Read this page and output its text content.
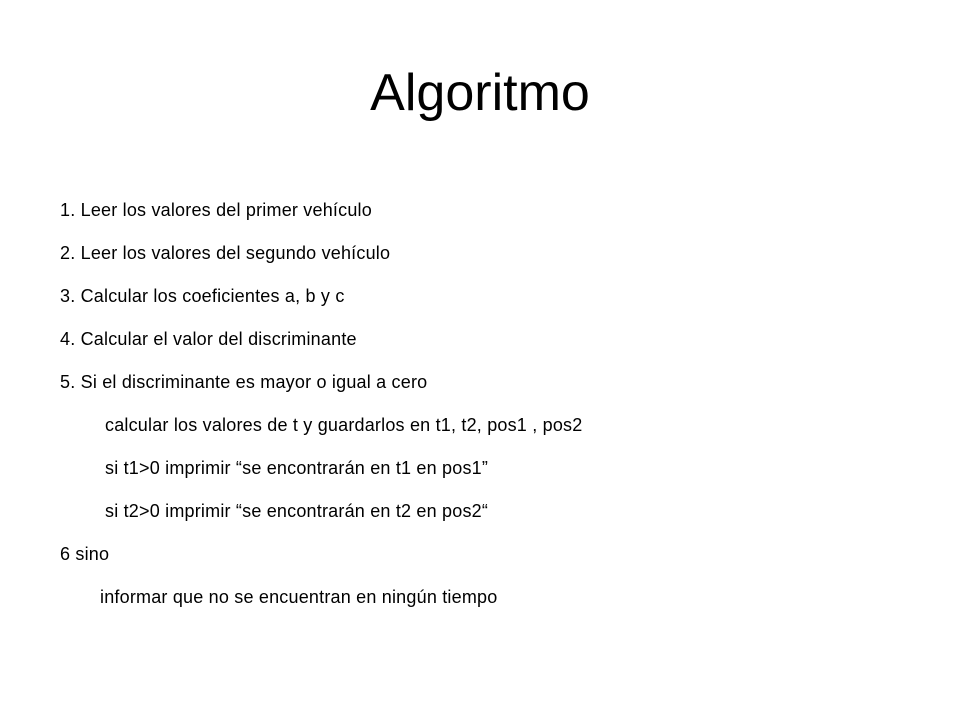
Algoritmo
1. Leer los valores del primer vehículo
2. Leer los valores del segundo vehículo
3. Calcular los coeficientes a, b y c
4. Calcular el valor del discriminante
5. Si el discriminante es mayor o igual a cero
calcular los valores de t y guardarlos en t1, t2, pos1 , pos2
si t1>0 imprimir “se encontrarán en t1 en pos1”
si t2>0 imprimir “se encontrarán en t2 en pos2“
6 sino
informar que no se encuentran en ningún tiempo
